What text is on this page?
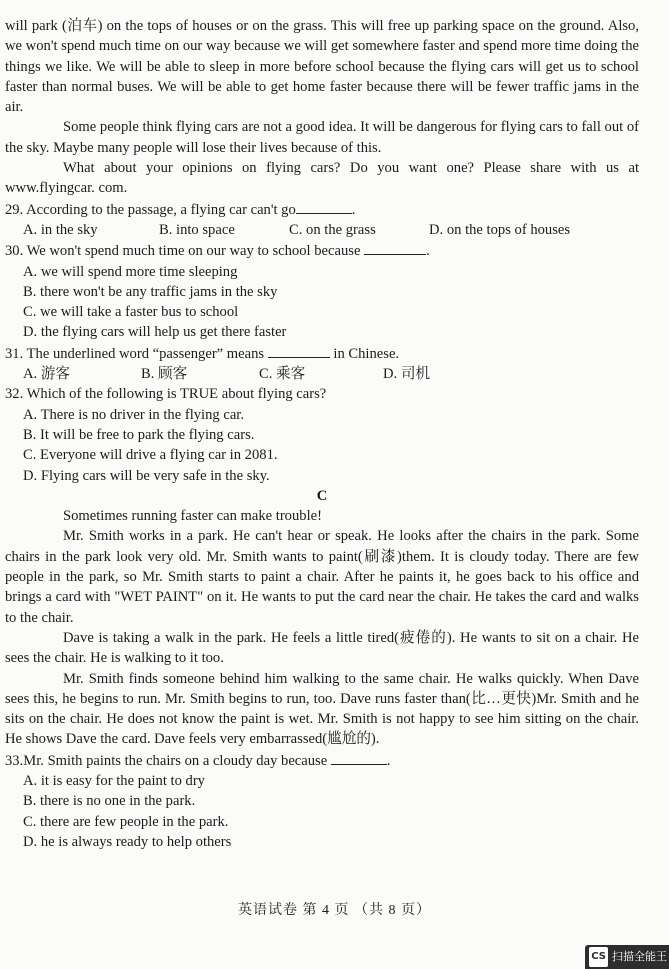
will park (泊车) on the tops of houses or on the grass. This will free up parking space on the ground. Also, we won't spend much time on our way because we will get somewhere faster and spend more time doing the things we like. We will be able to sleep in more before school because the flying cars will get us to school faster than normal buses. We will be able to get home faster because there will be fewer traffic jams in the air.

Some people think flying cars are not a good idea. It will be dangerous for flying cars to fall out of the sky. Maybe many people will lose their lives because of this.

What about your opinions on flying cars? Do you want one? Please share with us at www.flyingcar. com.

29. According to the passage, a flying car can't go	.
A. in the sky	B. into space	C. on the grass	D. on the tops of houses
30. We won't spend much time on our way to school because	.
A. we will spend more time sleeping
B. there won't be any traffic jams in the sky
C. we will take a faster bus to school
D. the flying cars will help us get there faster
31. The underlined word “passenger” means	in Chinese.
A. 游客	B. 顾客	C. 乘客	D. 司机
32. Which of the following is TRUE about flying cars?
A. There is no driver in the flying car.
B. It will be free to park the flying cars.
C. Everyone will drive a flying car in 2081.
D. Flying cars will be very safe in the sky.
C

Sometimes running faster can make trouble!

Mr. Smith works in a park. He can't hear or speak. He looks after the chairs in the park. Some chairs in the park look very old. Mr. Smith wants to paint(刷漆)them. It is cloudy today. There are few people in the park, so Mr. Smith starts to paint a chair. After he paints it, he goes back to his office and brings a card with "WET PAINT" on it. He wants to put the card near the chair. He takes the card and walks to the chair.

Dave is taking a walk in the park. He feels a little tired(疲倦的). He wants to sit on a chair. He sees the chair. He is walking to it too.

Mr. Smith finds someone behind him walking to the same chair. He walks quickly. When Dave sees this, he begins to run. Mr. Smith begins to run, too. Dave runs faster than(比…更快)Mr. Smith and he sits on the chair. He does not know the paint is wet. Mr. Smith is not happy to see him sitting on the chair. He shows Dave the card. Dave feels very embarrassed(尴尬的).

33.Mr. Smith paints the chairs on a cloudy day because	.
A. it is easy for the paint to dry
B. there is no one in the park.
C. there are few people in the park.
D. he is always ready to help others
英语试卷 第 4 页 （共 8 页）
CS 扫描全能王
